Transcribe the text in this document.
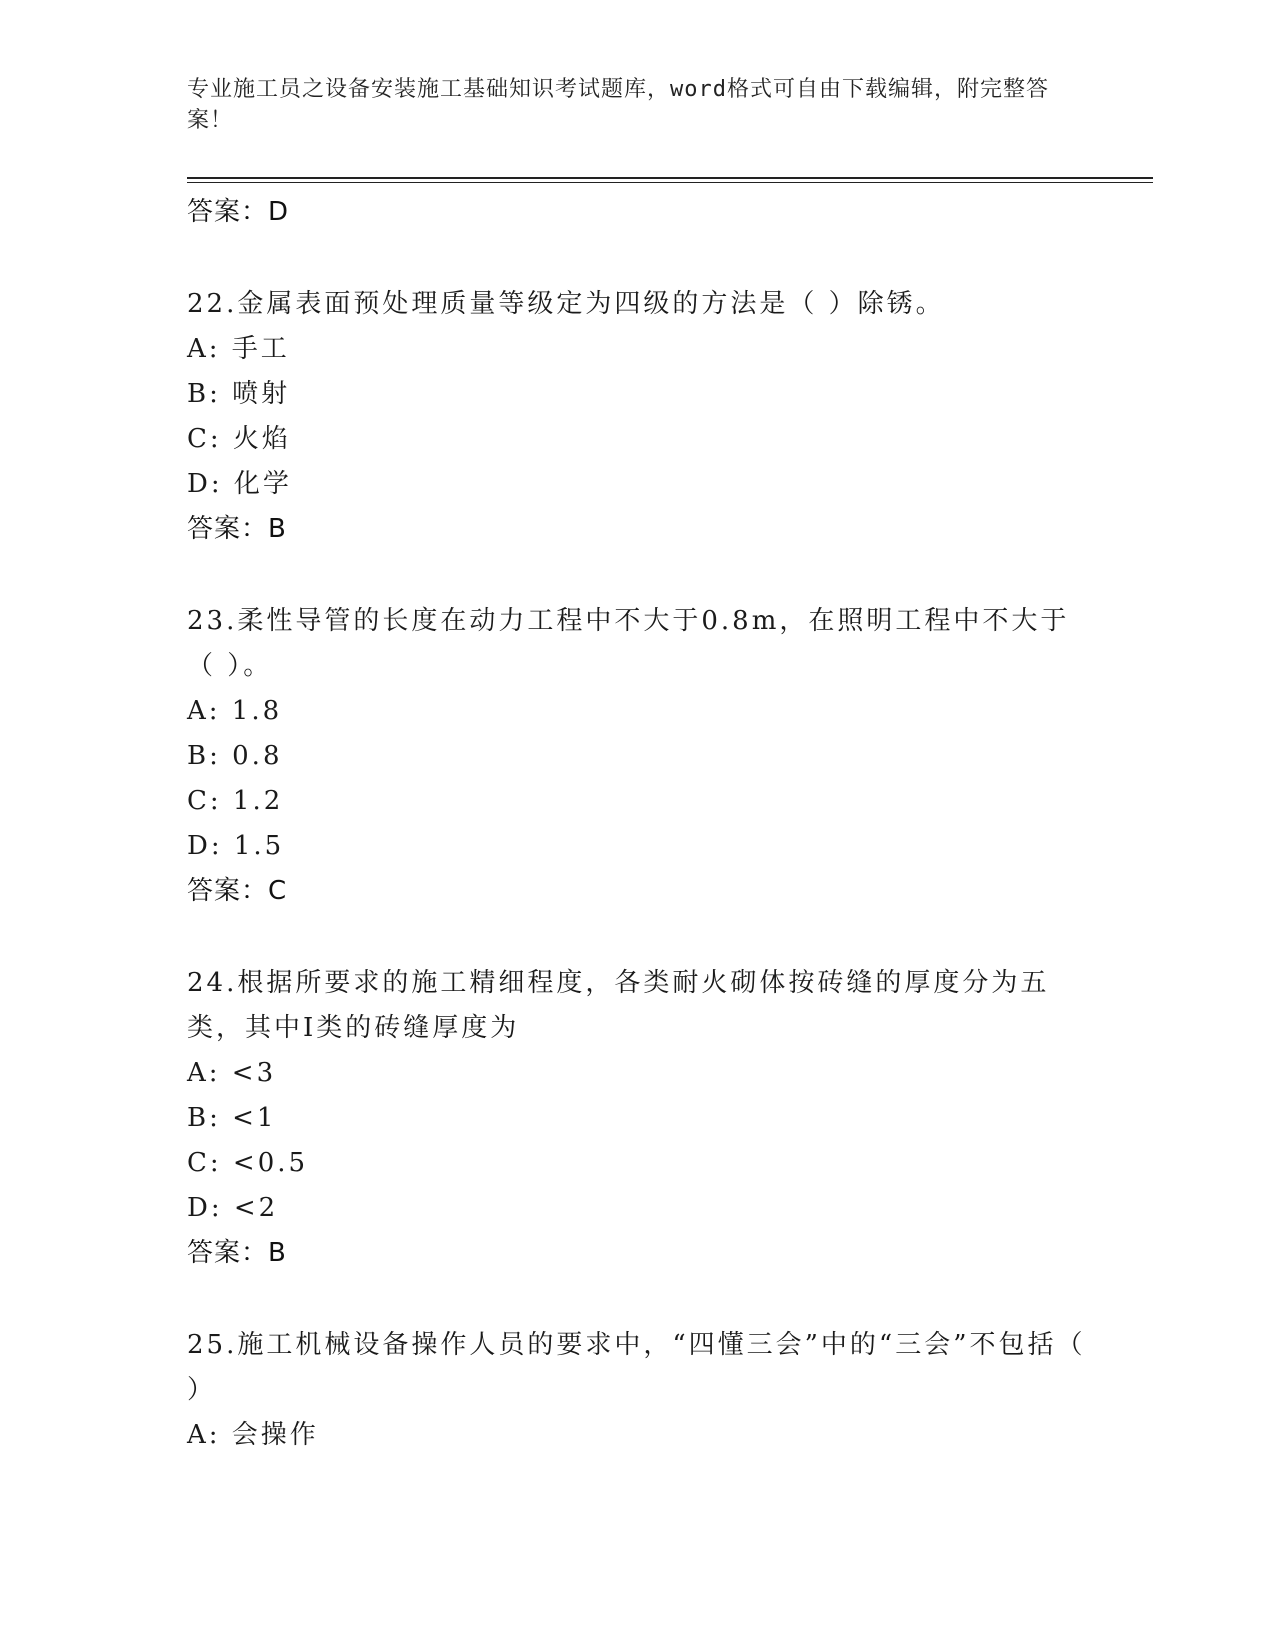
专业施工员之设备安装施工基础知识考试题库，word格式可自由下载编辑，附完整答案！
答案：D
22.金属表面预处理质量等级定为四级的方法是（ ）除锈。
A: 手工
B: 喷射
C: 火焰
D: 化学
答案：B
23.柔性导管的长度在动力工程中不大于0.8m，在照明工程中不大于（ ）。
A: 1.8
B: 0.8
C: 1.2
D: 1.5
答案：C
24.根据所要求的施工精细程度，各类耐火砌体按砖缝的厚度分为五类，其中I类的砖缝厚度为
A: <3
B: <1
C: <0.5
D: <2
答案：B
25.施工机械设备操作人员的要求中，“四懂三会”中的“三会”不包括（ ）
A: 会操作
